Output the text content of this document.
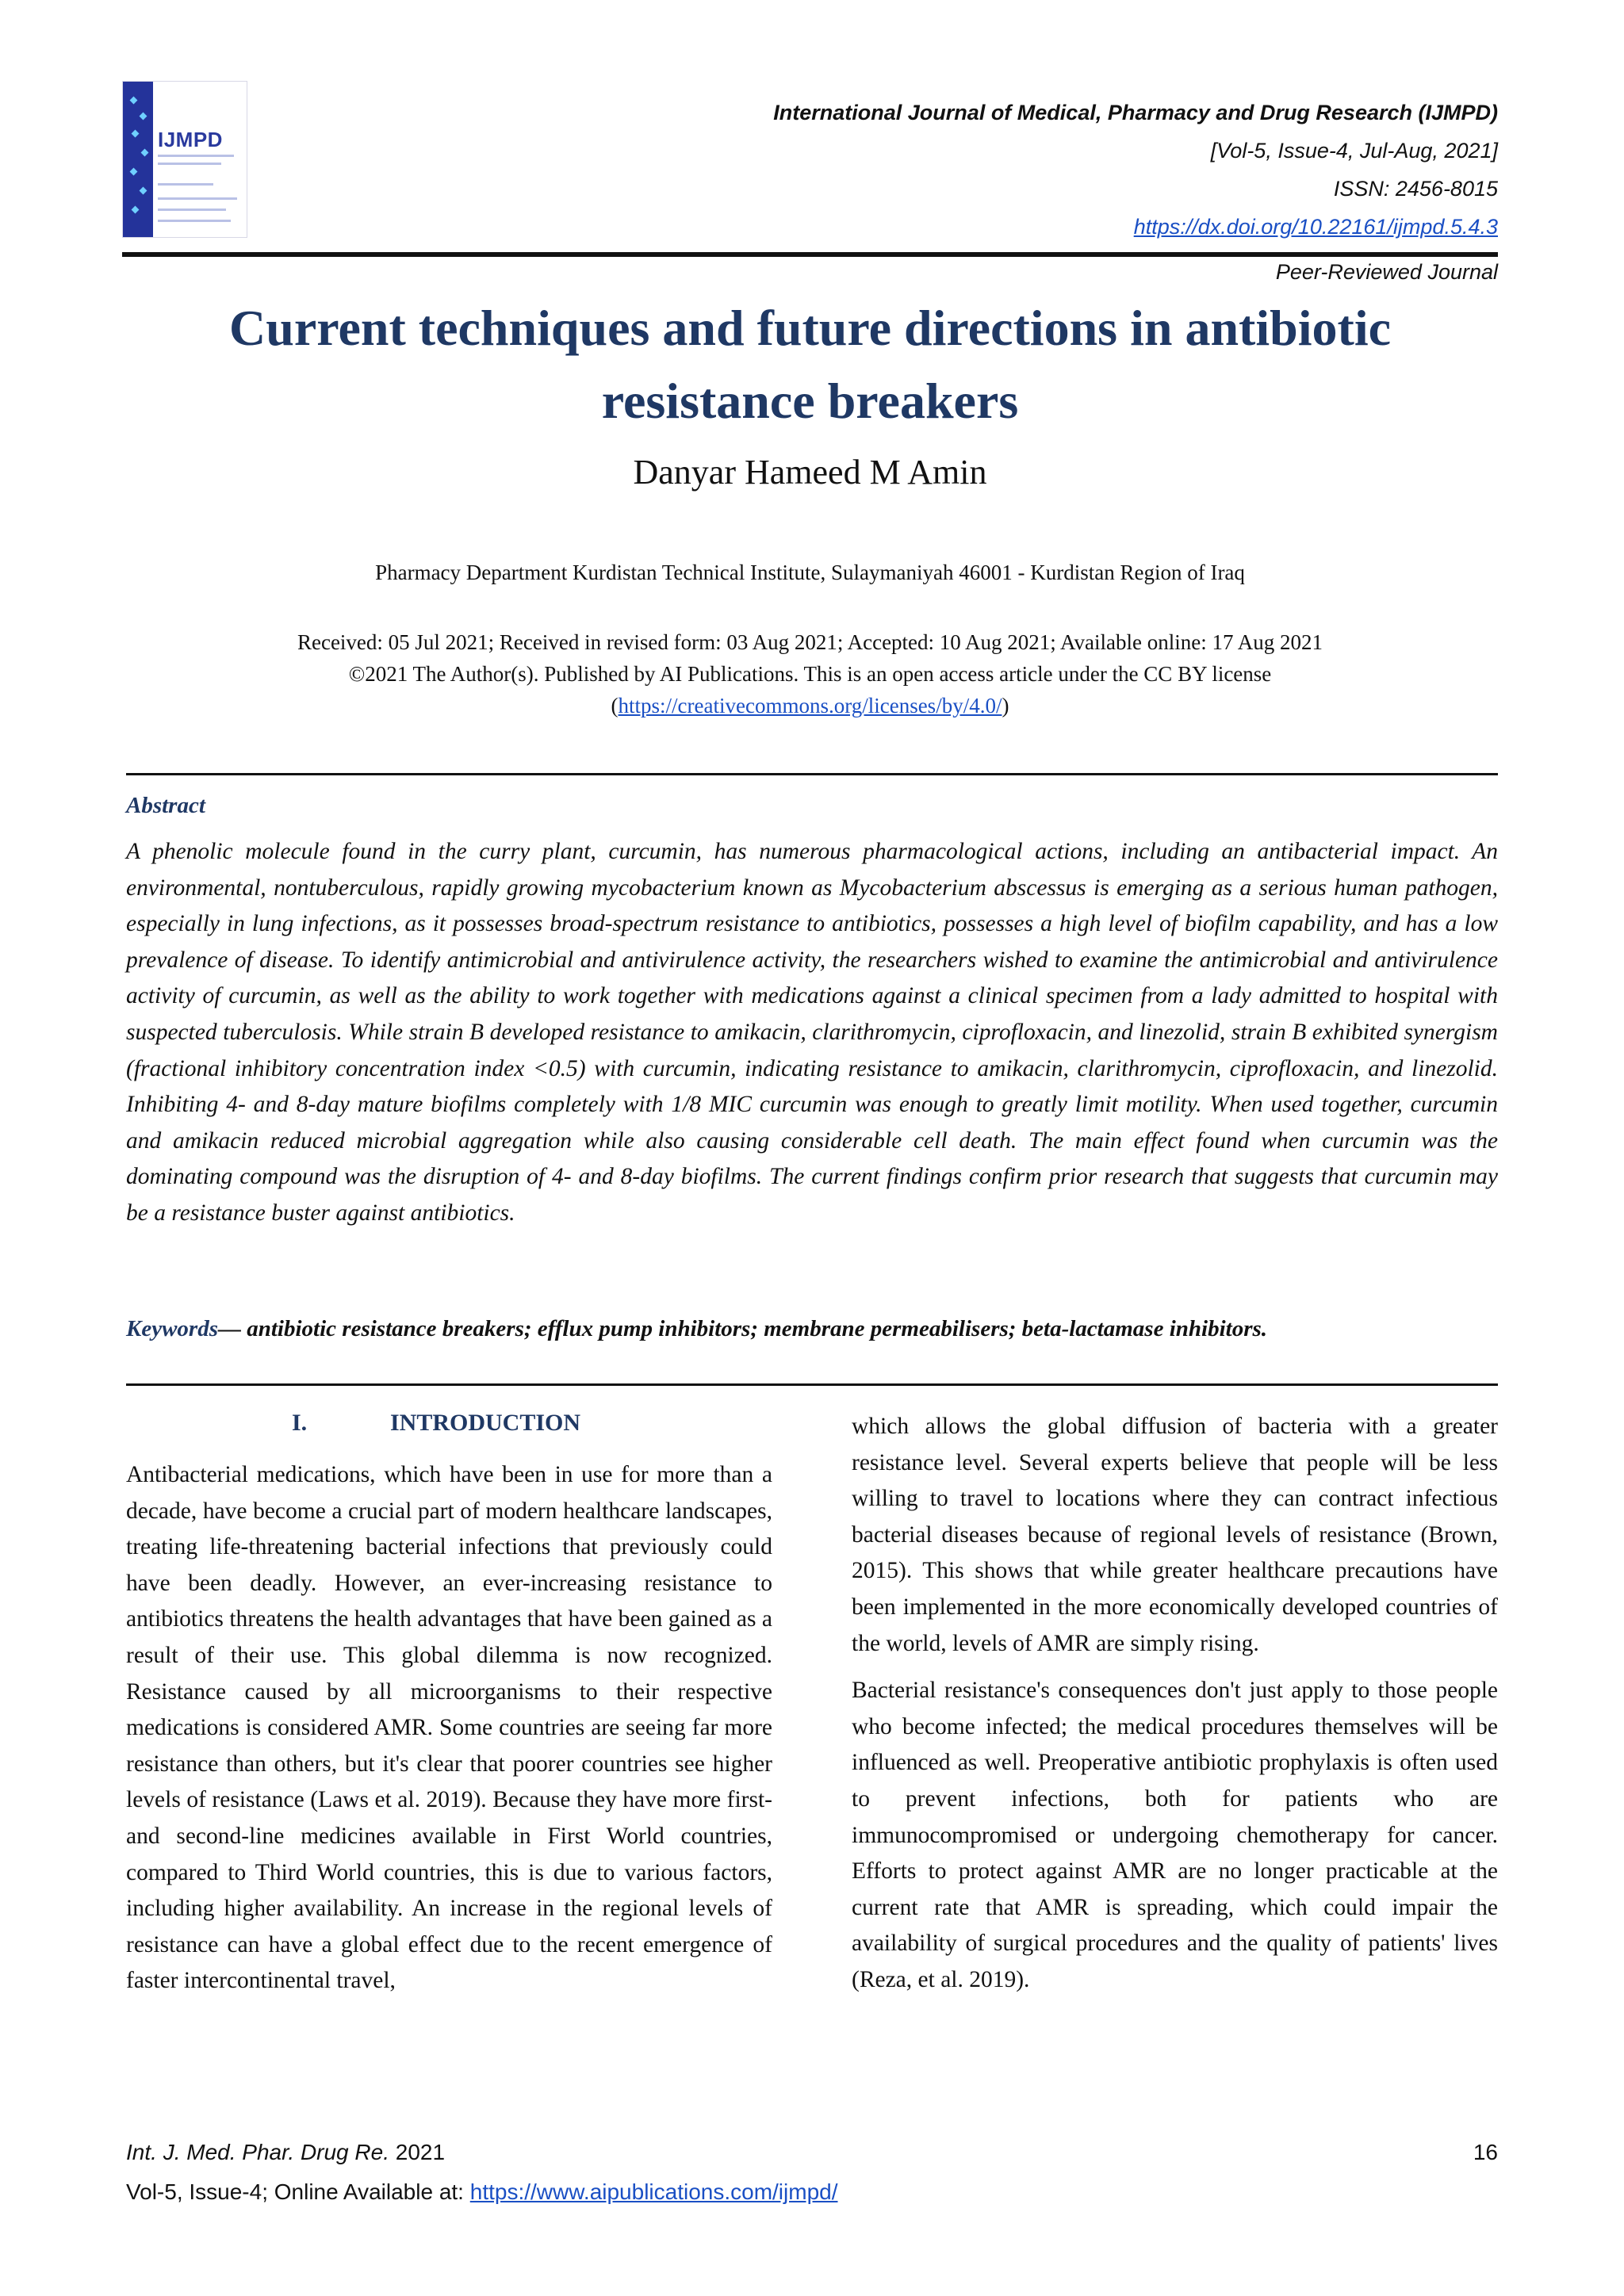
IJMPD
International Journal of Medical, Pharmacy and Drug Research (IJMPD)
[Vol-5, Issue-4, Jul-Aug, 2021]
ISSN: 2456-8015
https://dx.doi.org/10.22161/ijmpd.5.4.3
Peer-Reviewed Journal
Current techniques and future directions in antibiotic
resistance breakers
Danyar Hameed M Amin
Pharmacy Department Kurdistan Technical Institute, Sulaymaniyah 46001 - Kurdistan Region of Iraq
Received: 05 Jul 2021; Received in revised form: 03 Aug 2021; Accepted: 10 Aug 2021; Available online: 17 Aug 2021
©2021 The Author(s). Published by AI Publications. This is an open access article under the CC BY license
(https://creativecommons.org/licenses/by/4.0/)
Abstract

A phenolic molecule found in the curry plant, curcumin, has numerous pharmacological actions, including an antibacterial impact. An environmental, nontuberculous, rapidly growing mycobacterium known as Mycobacterium abscessus is emerging as a serious human pathogen, especially in lung infections, as it possesses broad-spectrum resistance to antibiotics, possesses a high level of biofilm capability, and has a low prevalence of disease. To identify antimicrobial and antivirulence activity, the researchers wished to examine the antimicrobial and antivirulence activity of curcumin, as well as the ability to work together with medications against a clinical specimen from a lady admitted to hospital with suspected tuberculosis. While strain B developed resistance to amikacin, clarithromycin, ciprofloxacin, and linezolid, strain B exhibited synergism (fractional inhibitory concentration index <0.5) with curcumin, indicating resistance to amikacin, clarithromycin, ciprofloxacin, and linezolid. Inhibiting 4- and 8-day mature biofilms completely with 1/8 MIC curcumin was enough to greatly limit motility. When used together, curcumin and amikacin reduced microbial aggregation while also causing considerable cell death. The main effect found when curcumin was the dominating compound was the disruption of 4- and 8-day biofilms. The current findings confirm prior research that suggests that curcumin may be a resistance buster against antibiotics.

Keywords— antibiotic resistance breakers; efflux pump inhibitors; membrane permeabilisers; beta-lactamase inhibitors.
I.	INTRODUCTION

Antibacterial medications, which have been in use for more than a decade, have become a crucial part of modern healthcare landscapes, treating life-threatening bacterial infections that previously could have been deadly. However, an ever-increasing resistance to antibiotics threatens the health advantages that have been gained as a result of their use. This global dilemma is now recognized. Resistance caused by all microorganisms to their respective medications is considered AMR. Some countries are seeing far more resistance than others, but it's clear that poorer countries see higher levels of resistance (Laws et al. 2019). Because they have more first- and second-line medicines available in First World countries, compared to Third World countries, this is due to various factors, including higher availability. An increase in the regional levels of resistance can have a global effect due to the recent emergence of faster intercontinental travel,

which allows the global diffusion of bacteria with a greater resistance level. Several experts believe that people will be less willing to travel to locations where they can contract infectious bacterial diseases because of regional levels of resistance (Brown, 2015). This shows that while greater healthcare precautions have been implemented in the more economically developed countries of the world, levels of AMR are simply rising.

Bacterial resistance's consequences don't just apply to those people who become infected; the medical procedures themselves will be influenced as well. Preoperative antibiotic prophylaxis is often used to prevent infections, both for patients who are immunocompromised or undergoing chemotherapy for cancer. Efforts to protect against AMR are no longer practicable at the current rate that AMR is spreading, which could impair the availability of surgical procedures and the quality of patients' lives (Reza, et al. 2019).

Int. J. Med. Phar. Drug Re. 2021
Vol-5, Issue-4; Online Available at: https://www.aipublications.com/ijmpd/
16
